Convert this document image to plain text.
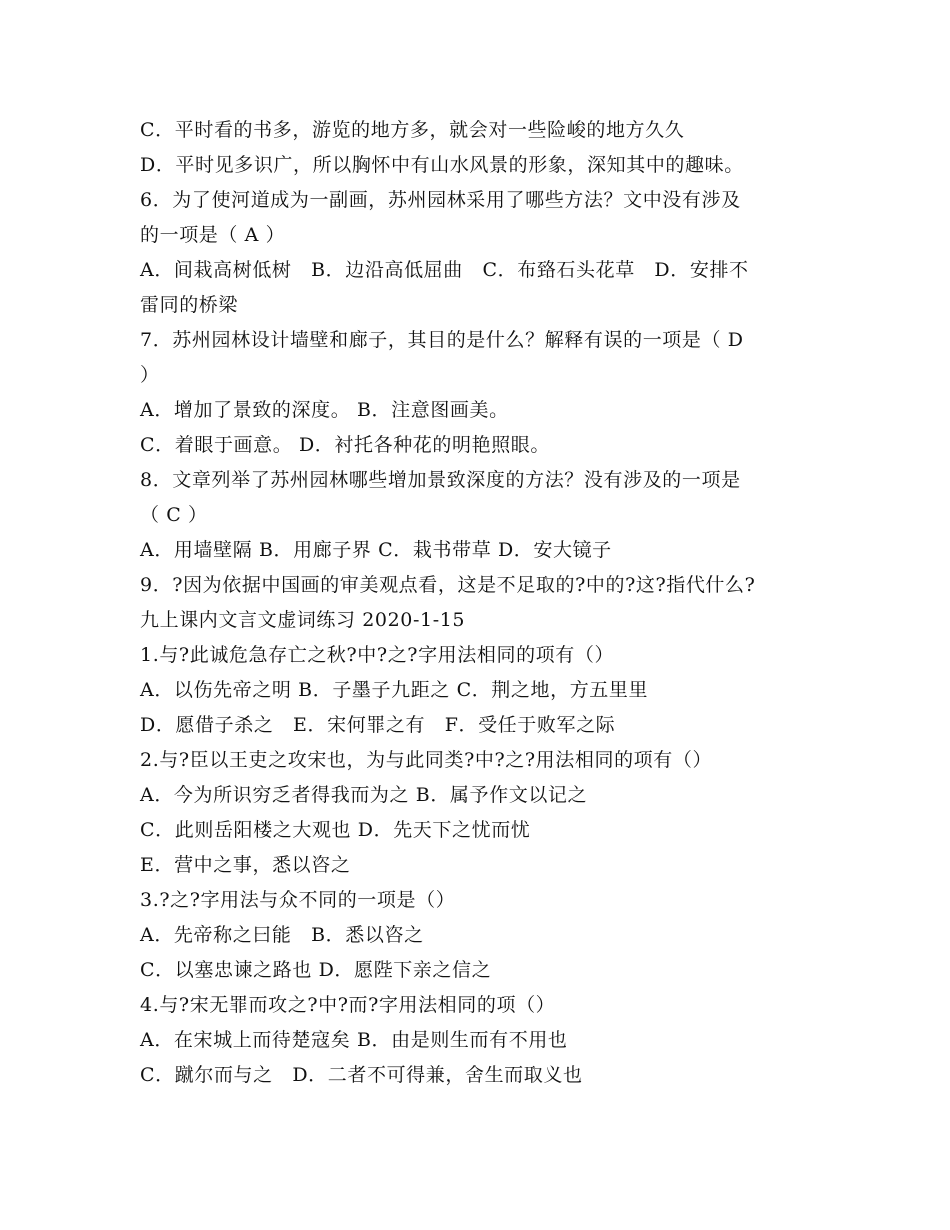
C．平时看的书多，游览的地方多，就会对一些险峻的地方久久
D．平时见多识广，所以胸怀中有山水风景的形象，深知其中的趣味。
6．为了使河道成为一副画，苏州园林采用了哪些方法？文中没有涉及
的一项是（ A ）
A．间栽高树低树　B．边沿高低屈曲　C．布臵石头花草　D．安排不
雷同的桥梁
7．苏州园林设计墙壁和廊子，其目的是什么？解释有误的一项是（ D
）
A．增加了景致的深度。 B．注意图画美。
C．着眼于画意。 D．衬托各种花的明艳照眼。
8．文章列举了苏州园林哪些增加景致深度的方法？没有涉及的一项是
（ C ）
A．用墙壁隔 B．用廊子界 C．栽书带草 D．安大镜子
9．?因为依据中国画的审美观点看，这是不足取的?中的?这?指代什么?
九上课内文言文虚词练习 2020-1-15
1.与?此诚危急存亡之秋?中?之?字用法相同的项有（）
A．以伤先帝之明 B．子墨子九距之 C．荆之地，方五里里
D．愿借子杀之　E．宋何罪之有　F．受任于败军之际
2.与?臣以王吏之攻宋也，为与此同类?中?之?用法相同的项有（）
A．今为所识穷乏者得我而为之 B．属予作文以记之
C．此则岳阳楼之大观也 D．先天下之忧而忧
E．营中之事，悉以咨之
3.?之?字用法与众不同的一项是（）
A．先帝称之曰能　B．悉以咨之
C．以塞忠谏之路也 D．愿陛下亲之信之
4.与?宋无罪而攻之?中?而?字用法相同的项（）
A．在宋城上而待楚寇矣 B．由是则生而有不用也
C．蹴尔而与之　D．二者不可得兼，舍生而取义也
